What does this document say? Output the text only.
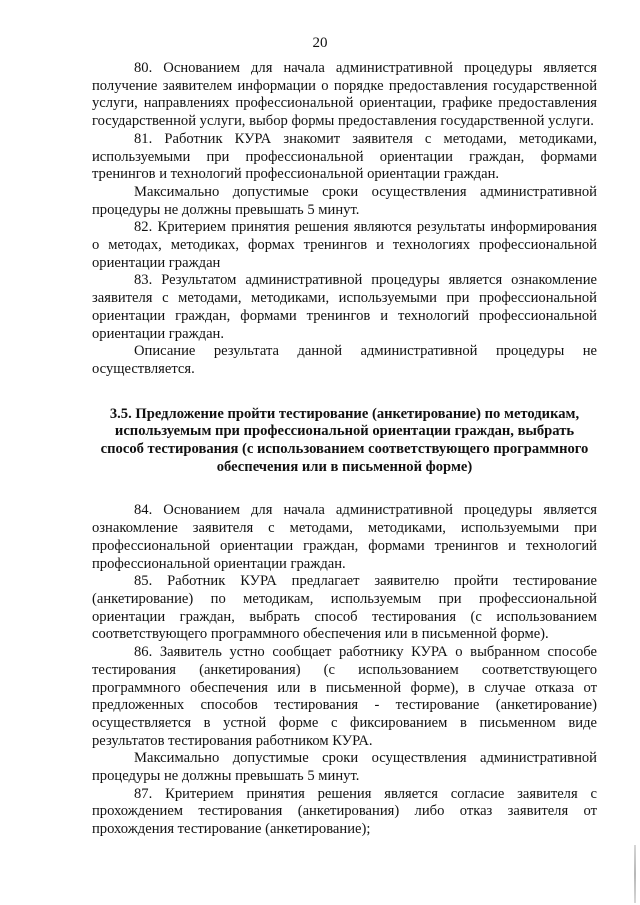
20

80. Основанием для начала административной процедуры является получение заявителем информации о порядке предоставления государственной услуги, направлениях профессиональной ориентации, графике предоставления государственной услуги, выбор формы предоставления государственной услуги.

81. Работник КУРА знакомит заявителя с методами, методиками, используемыми при профессиональной ориентации граждан, формами тренингов и технологий профессиональной ориентации граждан.

Максимально допустимые сроки осуществления административной процедуры не должны превышать 5 минут.

82. Критерием принятия решения являются результаты информирования о методах, методиках, формах тренингов и технологиях профессиональной ориентации граждан

83. Результатом административной процедуры является ознакомление заявителя с методами, методиками, используемыми при профессиональной ориентации граждан, формами тренингов и технологий профессиональной ориентации граждан.

Описание результата данной административной процедуры не осуществляется.

3.5. Предложение пройти тестирование (анкетирование) по методикам, используемым при профессиональной ориентации граждан, выбрать способ тестирования (с использованием соответствующего программного обеспечения или в письменной форме)

84. Основанием для начала административной процедуры является ознакомление заявителя с методами, методиками, используемыми при профессиональной ориентации граждан, формами тренингов и технологий профессиональной ориентации граждан.

85. Работник КУРА предлагает заявителю пройти тестирование (анкетирование) по методикам, используемым при профессиональной ориентации граждан, выбрать способ тестирования (с использованием соответствующего программного обеспечения или в письменной форме).

86. Заявитель устно сообщает работнику КУРА о выбранном способе тестирования (анкетирования) (с использованием соответствующего программного обеспечения или в письменной форме), в случае отказа от предложенных способов тестирования - тестирование (анкетирование) осуществляется в устной форме с фиксированием в письменном виде результатов тестирования работником КУРА.

Максимально допустимые сроки осуществления административной процедуры не должны превышать 5 минут.

87. Критерием принятия решения является согласие заявителя с прохождением тестирования (анкетирования) либо отказ заявителя от прохождения тестирование (анкетирование);
